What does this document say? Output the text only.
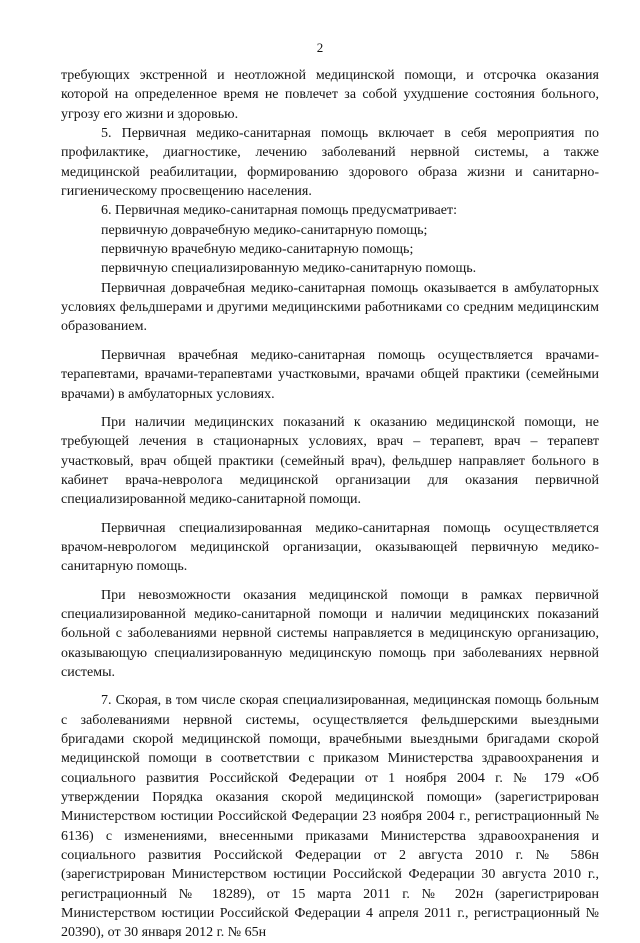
2

требующих экстренной и неотложной медицинской помощи, и отсрочка оказания которой на определенное время не повлечет за собой ухудшение состояния больного, угрозу его жизни и здоровью.

5. Первичная медико-санитарная помощь включает в себя мероприятия по профилактике, диагностике, лечению заболеваний нервной системы, а также медицинской реабилитации, формированию здорового образа жизни и санитарно-гигиеническому просвещению населения.

6. Первичная медико-санитарная помощь предусматривает:

первичную доврачебную медико-санитарную помощь;

первичную врачебную медико-санитарную помощь;

первичную специализированную медико-санитарную помощь.

Первичная доврачебная медико-санитарная помощь оказывается в амбулаторных условиях фельдшерами и другими медицинскими работниками со средним медицинским образованием.

Первичная врачебная медико-санитарная помощь осуществляется врачами-терапевтами, врачами-терапевтами участковыми, врачами общей практики (семейными врачами) в амбулаторных условиях.

При наличии медицинских показаний к оказанию медицинской помощи, не требующей лечения в стационарных условиях, врач – терапевт, врач – терапевт участковый, врач общей практики (семейный врач), фельдшер направляет больного в кабинет врача-невролога медицинской организации для оказания первичной специализированной медико-санитарной помощи.

Первичная специализированная медико-санитарная помощь осуществляется врачом-неврологом медицинской организации, оказывающей первичную медико-санитарную помощь.

При невозможности оказания медицинской помощи в рамках первичной специализированной медико-санитарной помощи и наличии медицинских показаний больной с заболеваниями нервной системы направляется в медицинскую организацию, оказывающую специализированную медицинскую помощь при заболеваниях нервной системы.

7. Скорая, в том числе скорая специализированная, медицинская помощь больным с заболеваниями нервной системы, осуществляется фельдшерскими выездными бригадами скорой медицинской помощи, врачебными выездными бригадами скорой медицинской помощи в соответствии с приказом Министерства здравоохранения и социального развития Российской Федерации от 1 ноября 2004 г. № 179 «Об утверждении Порядка оказания скорой медицинской помощи» (зарегистрирован Министерством юстиции Российской Федерации 23 ноября 2004 г., регистрационный № 6136) с изменениями, внесенными приказами Министерства здравоохранения и социального развития Российской Федерации от 2 августа 2010 г. № 586н (зарегистрирован Министерством юстиции Российской Федерации 30 августа 2010 г., регистрационный № 18289), от 15 марта 2011 г. № 202н (зарегистрирован Министерством юстиции Российской Федерации 4 апреля 2011 г., регистрационный № 20390), от 30 января 2012 г. № 65н
